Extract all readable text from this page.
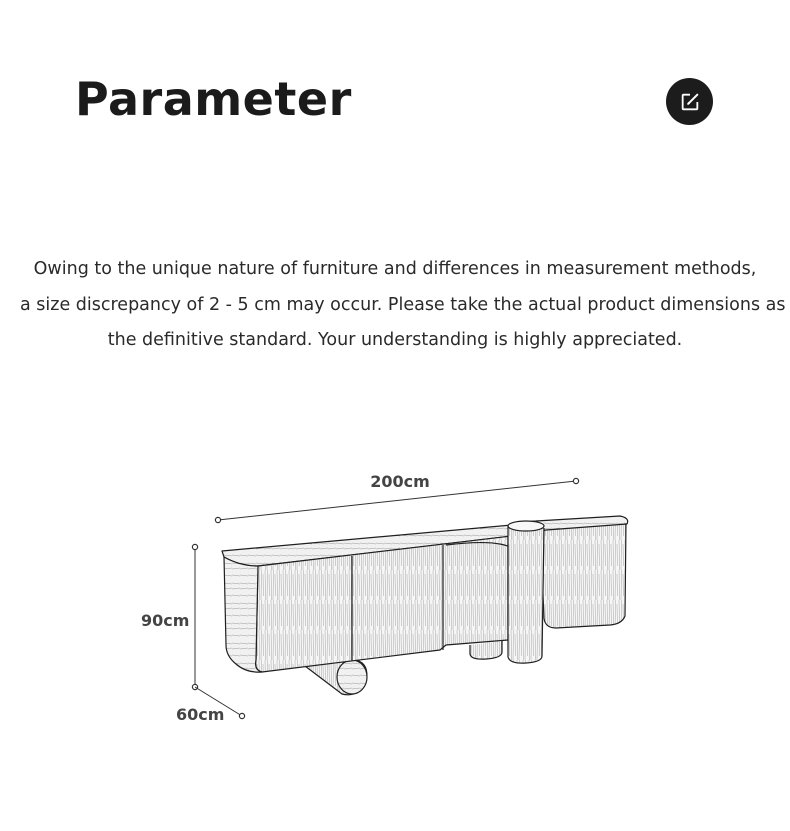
Parameter

Owing to the unique nature of furniture and differences in measurement methods,
a size discrepancy of 2 - 5 cm may occur. Please take the actual product dimensions as
the definitive standard. Your understanding is highly appreciated.

200cm
90cm
60cm
